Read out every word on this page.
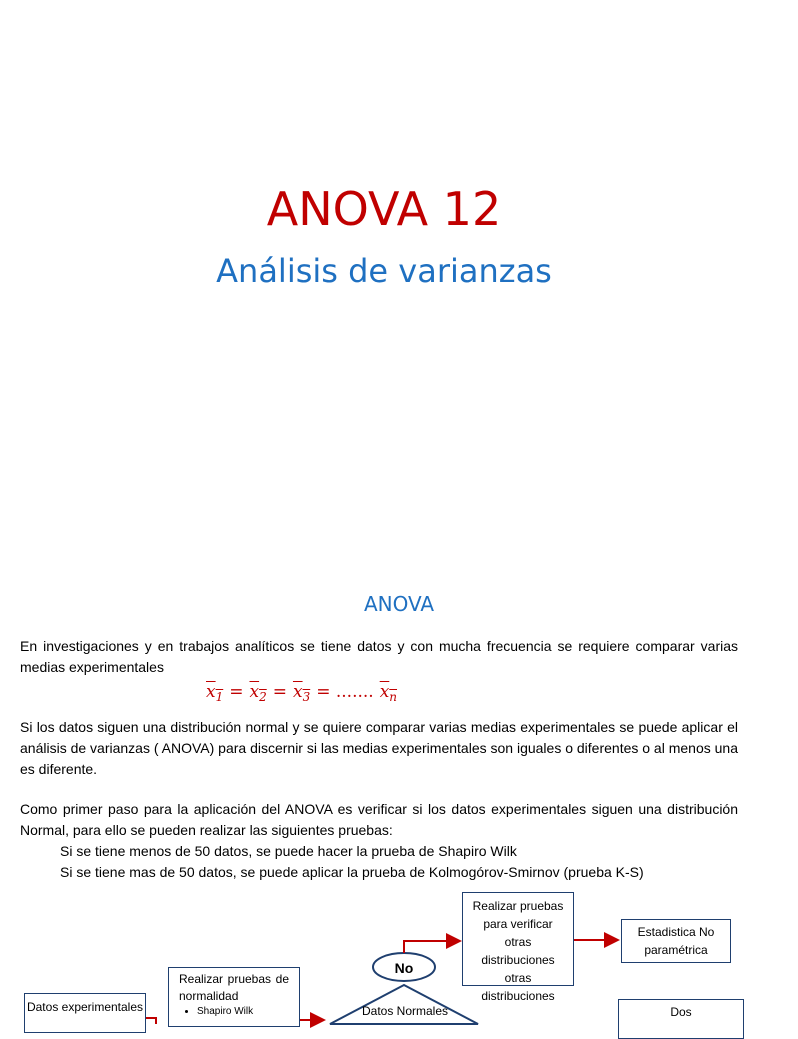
ANOVA 12
Análisis de varianzas
ANOVA
En investigaciones y en trabajos analíticos se tiene datos y con mucha frecuencia se requiere comparar varias medias experimentales
$x_1 = x_2 = x_3$ = ....... $x_n$
Si los datos siguen una distribución normal y se quiere comparar varias medias experimentales se puede aplicar el análisis de varianzas ( ANOVA) para discernir si las medias experimentales son iguales o diferentes o al menos una es diferente.
Como primer paso para la aplicación del ANOVA es verificar si los datos experimentales siguen una distribución Normal, para ello se pueden realizar las siguientes pruebas:
Si se tiene menos de 50 datos, se puede hacer la prueba de Shapiro Wilk
Si se tiene mas de 50 datos, se puede aplicar la prueba de Kolmogórov-Smirnov (prueba K-S)
Datos experimentales
Realizar pruebas de normalidad
• Shapiro Wilk
No
Datos Normales
Realizar pruebas para verificar otras distribuciones otras distribuciones
Estadistica No paramétrica
Dos
